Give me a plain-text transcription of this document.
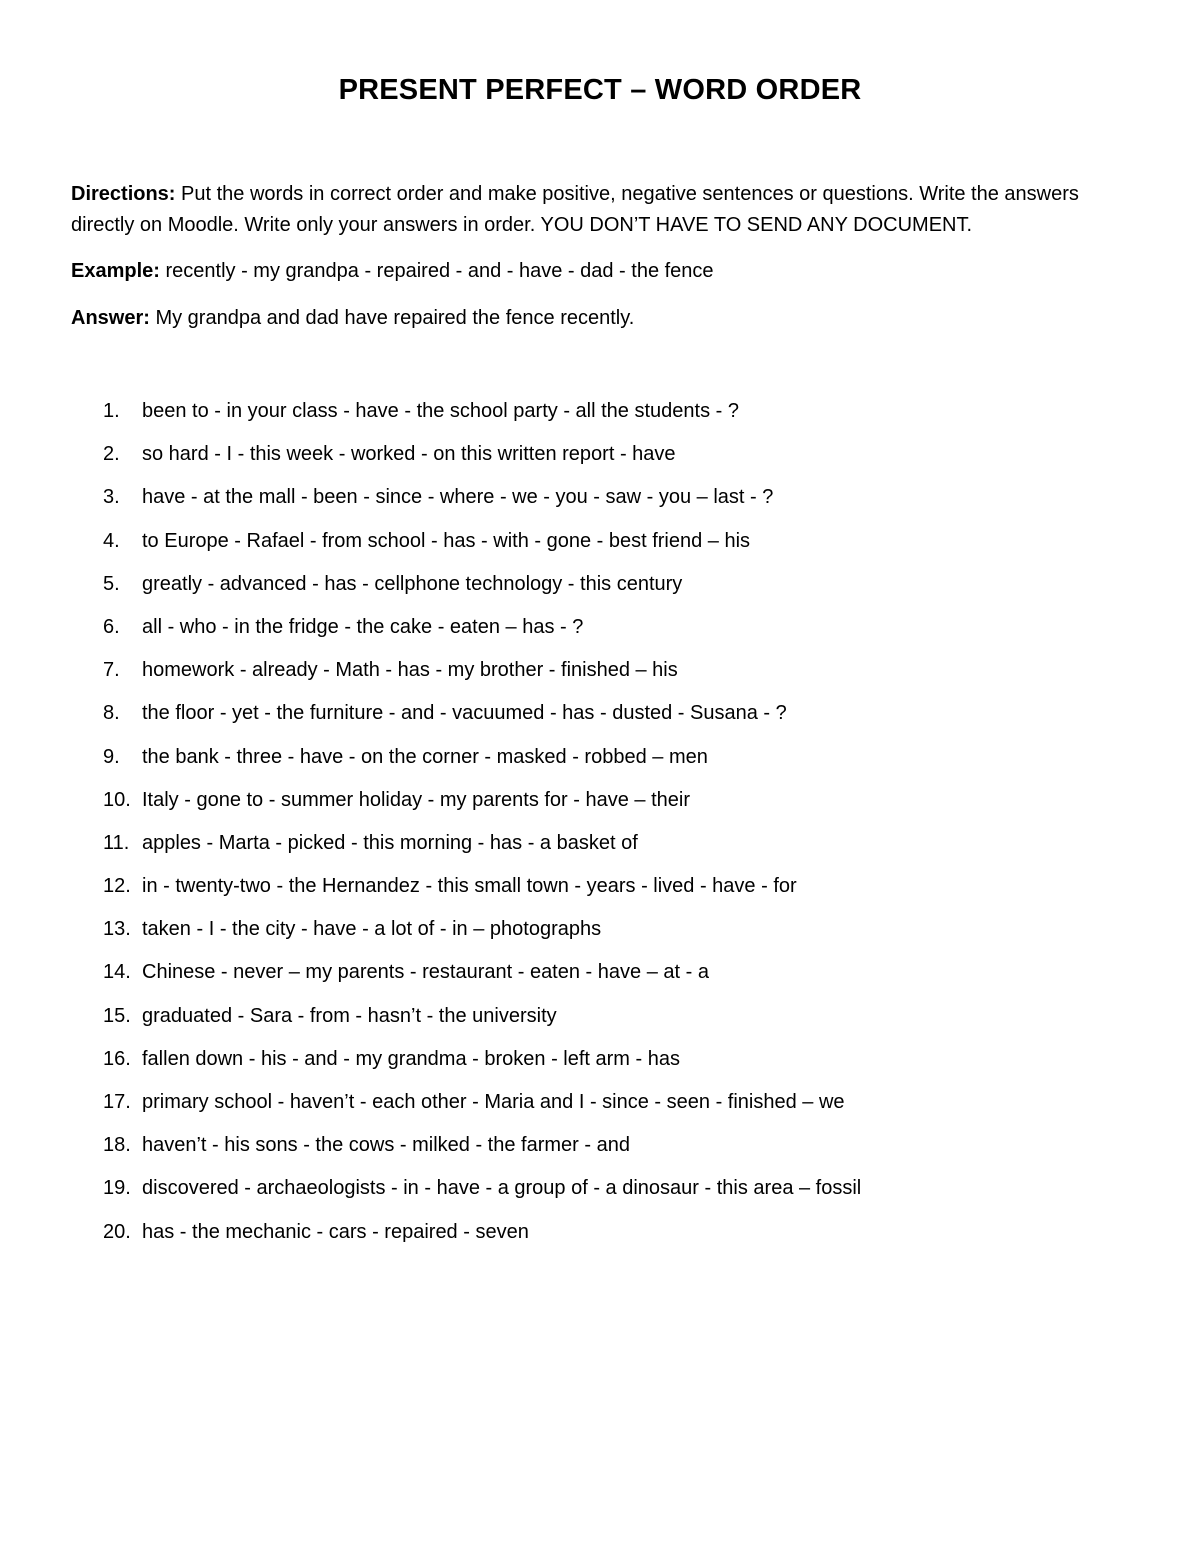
PRESENT PERFECT – WORD ORDER

Directions: Put the words in correct order and make positive, negative sentences or questions. Write the answers directly on Moodle. Write only your answers in order. YOU DON’T HAVE TO SEND ANY DOCUMENT.

Example: recently - my grandpa - repaired - and - have - dad - the fence

Answer: My grandpa and dad have repaired the fence recently.

1. been to - in your class - have - the school party - all the students - ?
2. so hard - I - this week - worked - on this written report - have
3. have - at the mall - been - since - where - we - you - saw - you – last - ?
4. to Europe - Rafael - from school - has - with - gone - best friend – his
5. greatly - advanced - has - cellphone technology - this century
6. all - who - in the fridge - the cake - eaten – has - ?
7. homework - already - Math - has - my brother - finished – his
8. the floor - yet - the furniture - and - vacuumed - has - dusted - Susana - ?
9. the bank - three - have - on the corner - masked - robbed – men
10. Italy - gone to - summer holiday - my parents for - have – their
11. apples - Marta - picked - this morning - has - a basket of
12. in - twenty-two - the Hernandez - this small town - years - lived - have - for
13. taken - I - the city - have - a lot of - in – photographs
14. Chinese - never – my parents - restaurant - eaten - have – at - a
15. graduated - Sara - from - hasn’t - the university
16. fallen down - his - and - my grandma - broken - left arm - has
17. primary school - haven’t - each other - Maria and I - since - seen - finished – we
18. haven’t - his sons - the cows - milked - the farmer - and
19. discovered - archaeologists - in - have - a group of - a dinosaur - this area – fossil
20. has - the mechanic - cars - repaired - seven
